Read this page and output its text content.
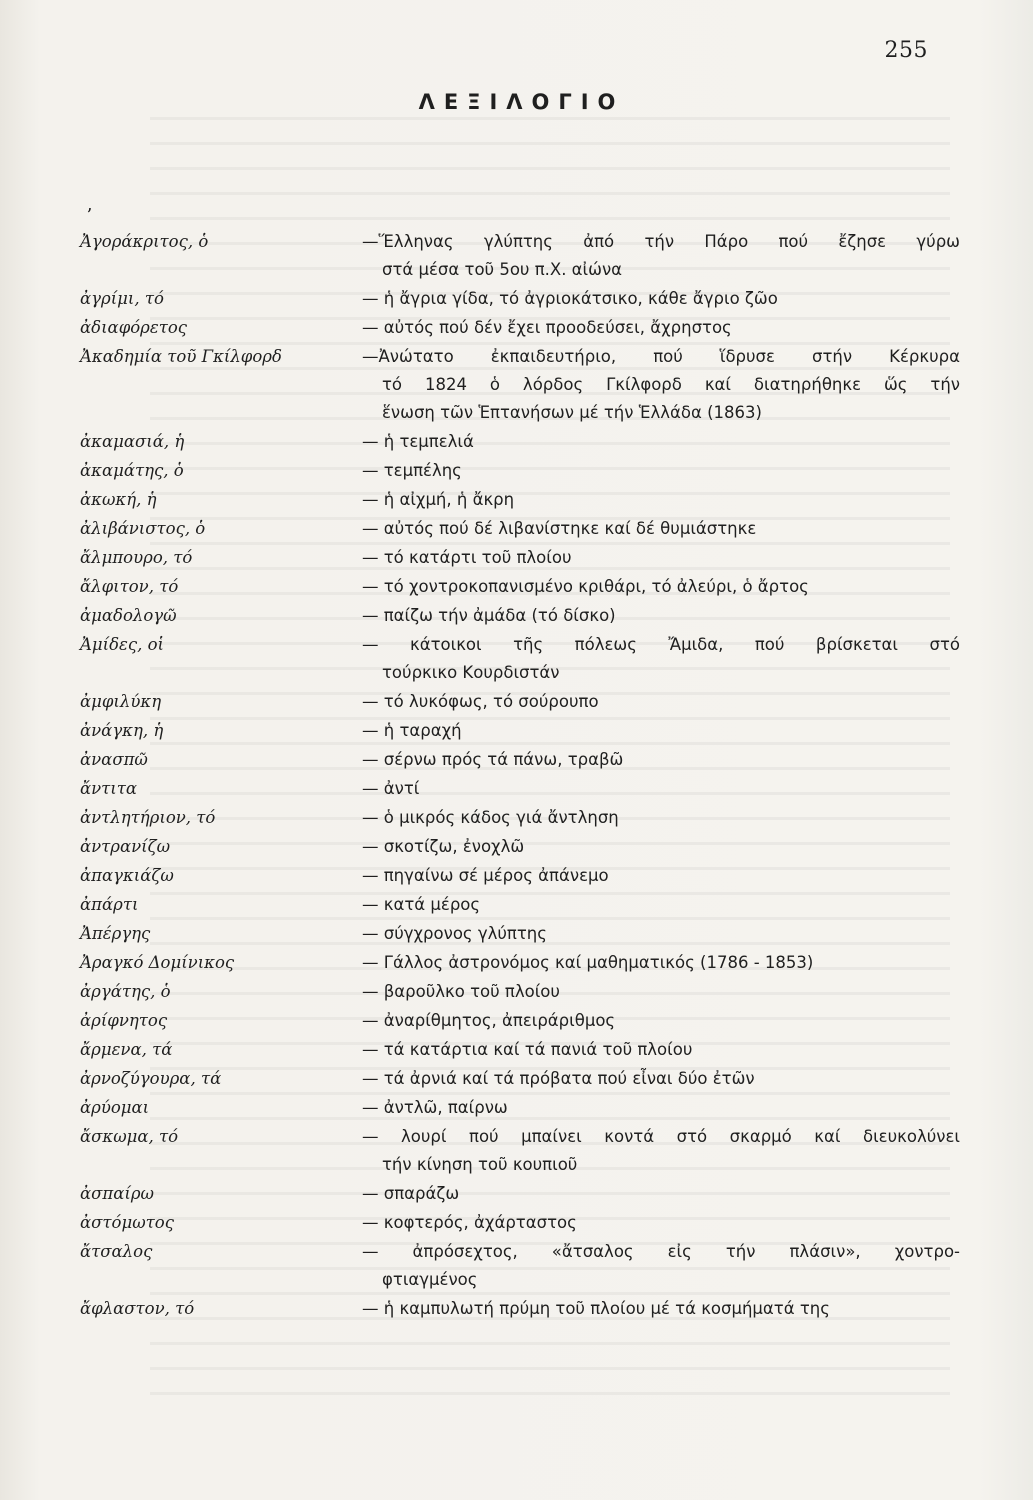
255
ΛΕΞΙΛΟΓΙΟ
ʼ
Ἀγοράκριτος, ὁ	—Ἕλληνας γλύπτης ἀπό τήν Πάρο πού ἔζησε γύρω
στά μέσα τοῦ 5ου π.Χ. αἰώνα
ἀγρίμι, τό	— ἡ ἄγρια γίδα, τό ἀγριοκάτσικο, κάθε ἄγριο ζῶο
ἀδιαφόρετος	— αὐτός πού δέν ἔχει προοδεύσει, ἄχρηστος
Ἀκαδημία τοῦ Γκίλφορδ	—Ἀνώτατο ἐκπαιδευτήριο, πού ἵδρυσε στήν Κέρκυρα
τό 1824 ὁ λόρδος Γκίλφορδ καί διατηρήθηκε ὥς τήν
ἕνωση τῶν Ἑπτανήσων μέ τήν Ἑλλάδα (1863)
ἀκαμασιά, ἡ	— ἡ τεμπελιά
ἀκαμάτης, ὁ	— τεμπέλης
ἀκωκή, ἡ	— ἡ αἰχμή, ἡ ἄκρη
ἀλιβάνιστος, ὁ	— αὐτός πού δέ λιβανίστηκε καί δέ θυμιάστηκε
ἄλμπουρο, τό	— τό κατάρτι τοῦ πλοίου
ἄλφιτον, τό	— τό χοντροκοπανισμένο κριθάρι, τό ἀλεύρι, ὁ ἄρτος
ἀμαδολογῶ	— παίζω τήν ἀμάδα (τό δίσκο)
Ἀμίδες, οἱ	— κάτοικοι τῆς πόλεως Ἄμιδα, πού βρίσκεται στό
τούρκικο Κουρδιστάν
ἀμφιλύκη	— τό λυκόφως, τό σούρουπο
ἀνάγκη, ἡ	— ἡ ταραχή
ἀνασπῶ	— σέρνω πρός τά πάνω, τραβῶ
ἄντιτα	— ἀντί
ἀντλητήριον, τό	— ὁ μικρός κάδος γιά ἄντληση
ἀντρανίζω	— σκοτίζω, ἐνοχλῶ
ἀπαγκιάζω	— πηγαίνω σέ μέρος ἀπάνεμο
ἀπάρτι	— κατά μέρος
Ἀπέργης	— σύγχρονος γλύπτης
Ἀραγκό Δομίνικος	— Γάλλος ἀστρονόμος καί μαθηματικός (1786 - 1853)
ἀργάτης, ὁ	— βαροῦλκο τοῦ πλοίου
ἀρίφνητος	— ἀναρίθμητος, ἀπειράριθμος
ἄρμενα, τά	— τά κατάρτια καί τά πανιά τοῦ πλοίου
ἀρνοζύγουρα, τά	— τά ἀρνιά καί τά πρόβατα πού εἶναι δύο ἐτῶν
ἀρύομαι	— ἀντλῶ, παίρνω
ἄσκωμα, τό	— λουρί πού μπαίνει κοντά στό σκαρμό καί διευκολύνει
τήν κίνηση τοῦ κουπιοῦ
ἀσπαίρω	— σπαράζω
ἀστόμωτος	— κοφτερός, ἀχάρταστος
ἄτσαλος	— ἀπρόσεχτος, «ἄτσαλος εἰς τήν πλάσιν», χοντρο-
φτιαγμένος
ἄφλαστον, τό	— ἡ καμπυλωτή πρύμη τοῦ πλοίου μέ τά κοσμήματά της
